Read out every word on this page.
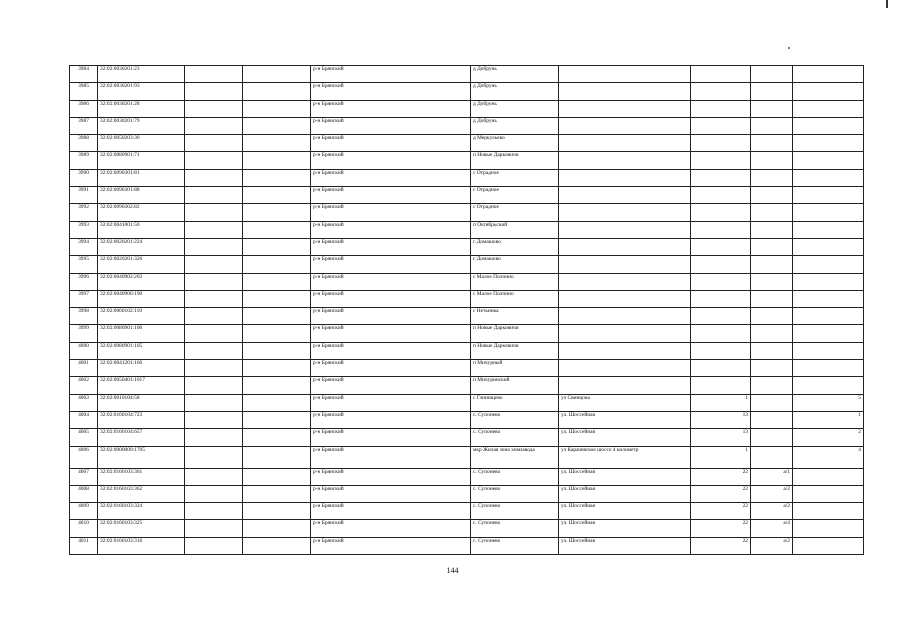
3984	32:02:0030201:23			р-н Брянский	д Добрунь				
3985	32:02:0030201:93			р-н Брянский	д Добрунь				
3986	32:02:0030201:28			р-н Брянский	д Добрунь				
3987	32:02:0030201:79			р-н Брянский	д Добрунь				
3988	32:02:0050203:30			р-н Брянский	д Меркульево				
3989	32:02:0080901:71			р-н Брянский	п Новые Дарковичи				
3990	32:02:0090301:81			р-н Брянский	с Отрадное				
3991	32:02:0090301:88			р-н Брянский	с Отрадное				
3992	32:02:0090302:82			р-н Брянский	с Отрадное				
3993	32:02:0041001:50			р-н Брянский	п Октябрьский				
3994	32:02:0020201:224			р-н Брянский	с Домашово				
3995	32:02:0020201:326			р-н Брянский	с Домашово				
3996	32:02:0040902:203			р-н Брянский	с Малое Полпино				
3997	32:02:0040906:190			р-н Брянский	с Малое Полпино				
3998	32:02:0060102:110			р-н Брянский	с Нетьинка				
3999	32:02:0080901:100			р-н Брянский	п Новые Дарковичи				
4000	32:02:0080901:105			р-н Брянский	п Новые Дарковичи				
4001	32:02:0041201:166			р-н Брянский	п Мичурный				
4002	32:02:0050401:1017			р-н Брянский	п Мичуринский				
4003	32:02:0010104:58			р-н Брянский	с Глинищево	ул Свинцова	1		5
4004	32:02:0160104:723			р-н Брянский	с. Супонево	ул. Шоссейная	13		1
4005	32:02:0160104:657			р-н Брянский	с. Супонево	ул. Шоссейная	13		2
4006	32:02:0000000:1705			р-н Брянский	мкр Жилая зона химзавода	ул Карачевское шоссе 4 километр	1		4
4007	32:02:0160103:361			р-н Брянский	с. Супонево	ул. Шоссейная	22	а/1	
4008	32:02:0160103:362			р-н Брянский	с. Супонево	ул. Шоссейная	22	а/2	
4009	32:02:0160103:324			р-н Брянский	с. Супонево	ул. Шоссейная	22	а/2	
4010	32:02:0160103:325			р-н Брянский	с. Супонево	ул. Шоссейная	22	а/4	
4011	32:02:0160103:316			р-н Брянский	с. Супонево	ул. Шоссейная	22	а/2	
144
